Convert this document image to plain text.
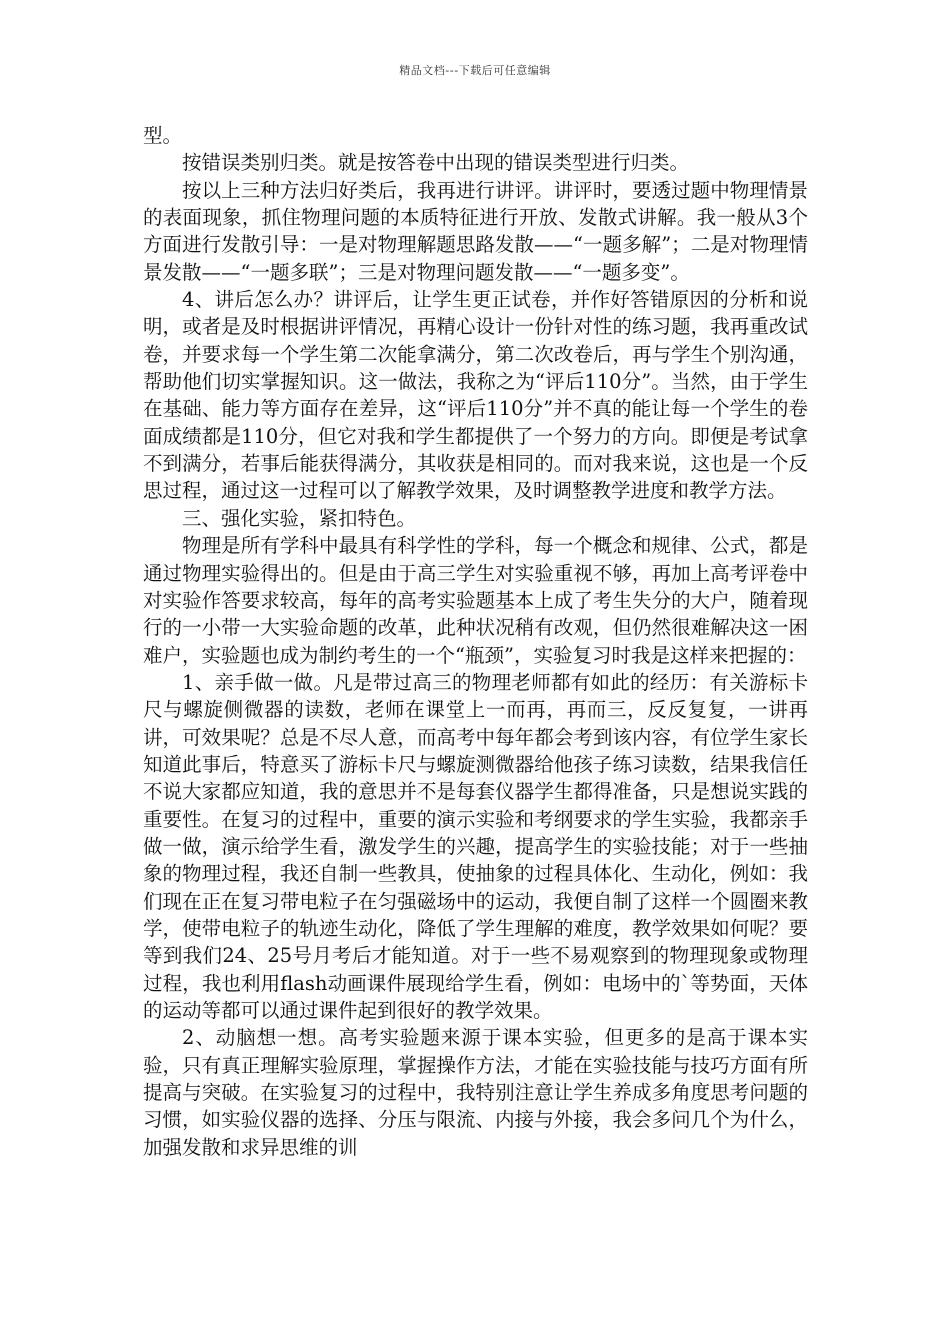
精品文档---下载后可任意编辑

型。

按错误类别归类。就是按答卷中出现的错误类型进行归类。

按以上三种方法归好类后，我再进行讲评。讲评时，要透过题中物理情景的表面现象，抓住物理问题的本质特征进行开放、发散式讲解。我一般从3个方面进行发散引导：一是对物理解题思路发散——“一题多解”；二是对物理情景发散——“一题多联”；三是对物理问题发散——“一题多变”。

4、讲后怎么办？讲评后，让学生更正试卷，并作好答错原因的分析和说明，或者是及时根据讲评情况，再精心设计一份针对性的练习题，我再重改试卷，并要求每一个学生第二次能拿满分，第二次改卷后，再与学生个别沟通，帮助他们切实掌握知识。这一做法，我称之为“评后110分”。当然，由于学生在基础、能力等方面存在差异，这“评后110分”并不真的能让每一个学生的卷面成绩都是110分，但它对我和学生都提供了一个努力的方向。即便是考试拿不到满分，若事后能获得满分，其收获是相同的。而对我来说，这也是一个反思过程，通过这一过程可以了解教学效果，及时调整教学进度和教学方法。

三、强化实验，紧扣特色。

物理是所有学科中最具有科学性的学科，每一个概念和规律、公式，都是通过物理实验得出的。但是由于高三学生对实验重视不够，再加上高考评卷中对实验作答要求较高，每年的高考实验题基本上成了考生失分的大户，随着现行的一小带一大实验命题的改革，此种状况稍有改观，但仍然很难解决这一困难户，实验题也成为制约考生的一个“瓶颈”，实验复习时我是这样来把握的：

1、亲手做一做。凡是带过高三的物理老师都有如此的经历：有关游标卡尺与螺旋侧微器的读数，老师在课堂上一而再，再而三，反反复复，一讲再讲，可效果呢？总是不尽人意，而高考中每年都会考到该内容，有位学生家长知道此事后，特意买了游标卡尺与螺旋测微器给他孩子练习读数，结果我信任不说大家都应知道，我的意思并不是每套仪器学生都得准备，只是想说实践的重要性。在复习的过程中，重要的演示实验和考纲要求的学生实验，我都亲手做一做，演示给学生看，激发学生的兴趣，提高学生的实验技能；对于一些抽象的物理过程，我还自制一些教具，使抽象的过程具体化、生动化，例如：我们现在正在复习带电粒子在匀强磁场中的运动，我便自制了这样一个圆圈来教学，使带电粒子的轨迹生动化，降低了学生理解的难度，教学效果如何呢？要等到我们24、25号月考后才能知道。对于一些不易观察到的物理现象或物理过程，我也利用flash动画课件展现给学生看，例如：电场中的`等势面，天体的运动等都可以通过课件起到很好的教学效果。

2、动脑想一想。高考实验题来源于课本实验，但更多的是高于课本实验，只有真正理解实验原理，掌握操作方法，才能在实验技能与技巧方面有所提高与突破。在实验复习的过程中，我特别注意让学生养成多角度思考问题的习惯，如实验仪器的选择、分压与限流、内接与外接，我会多问几个为什么，加强发散和求异思维的训
